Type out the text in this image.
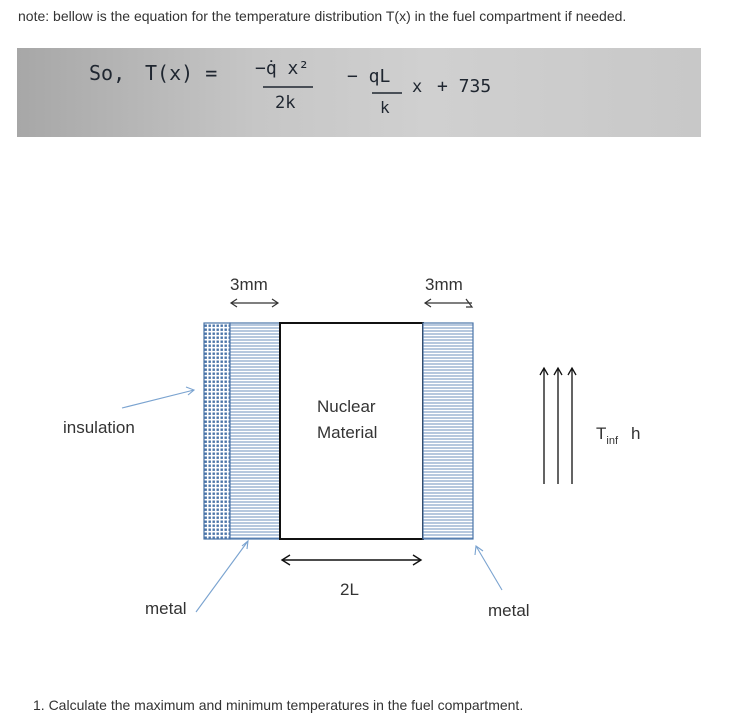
note: bellow is the equation for the temperature distribution T(x) in the fuel compartment if needed.
So, T(x) = −q̇ x²
2k
− qL
k
x + 735
3mm	3mm
Nuclear
Material
2L
insulation
metal	metal
$T_{inf}$ h
1. Calculate the maximum and minimum temperatures in the fuel compartment.
